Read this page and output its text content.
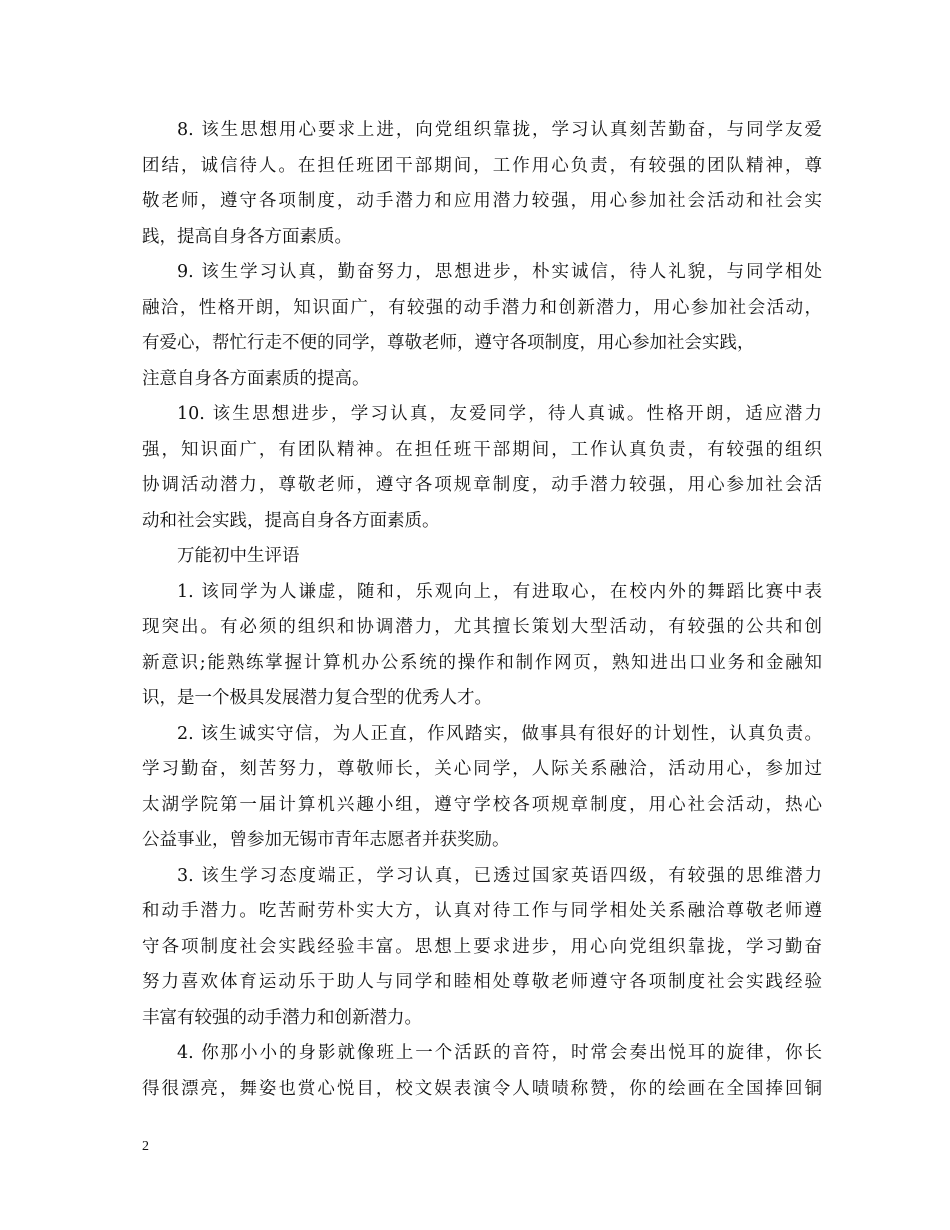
8. 该生思想用心要求上进，向党组织靠拢，学习认真刻苦勤奋，与同学友爱
团结，诚信待人。在担任班团干部期间，工作用心负责，有较强的团队精神，尊
敬老师，遵守各项制度，动手潜力和应用潜力较强，用心参加社会活动和社会实
践，提高自身各方面素质。
9. 该生学习认真，勤奋努力，思想进步，朴实诚信，待人礼貌，与同学相处
融洽，性格开朗，知识面广，有较强的动手潜力和创新潜力，用心参加社会活动，
有爱心，帮忙行走不便的同学，尊敬老师，遵守各项制度，用心参加社会实践，
注意自身各方面素质的提高。
10. 该生思想进步，学习认真，友爱同学，待人真诚。性格开朗，适应潜力
强，知识面广，有团队精神。在担任班干部期间，工作认真负责，有较强的组织
协调活动潜力，尊敬老师，遵守各项规章制度，动手潜力较强，用心参加社会活
动和社会实践，提高自身各方面素质。
万能初中生评语
1. 该同学为人谦虚，随和，乐观向上，有进取心，在校内外的舞蹈比赛中表
现突出。有必须的组织和协调潜力，尤其擅长策划大型活动，有较强的公共和创
新意识;能熟练掌握计算机办公系统的操作和制作网页，熟知进出口业务和金融知
识，是一个极具发展潜力复合型的优秀人才。
2. 该生诚实守信，为人正直，作风踏实，做事具有很好的计划性，认真负责。
学习勤奋，刻苦努力，尊敬师长，关心同学，人际关系融洽，活动用心，参加过
太湖学院第一届计算机兴趣小组，遵守学校各项规章制度，用心社会活动，热心
公益事业，曾参加无锡市青年志愿者并获奖励。
3. 该生学习态度端正，学习认真，已透过国家英语四级，有较强的思维潜力
和动手潜力。吃苦耐劳朴实大方，认真对待工作与同学相处关系融洽尊敬老师遵
守各项制度社会实践经验丰富。思想上要求进步，用心向党组织靠拢，学习勤奋
努力喜欢体育运动乐于助人与同学和睦相处尊敬老师遵守各项制度社会实践经验
丰富有较强的动手潜力和创新潜力。
4. 你那小小的身影就像班上一个活跃的音符，时常会奏出悦耳的旋律，你长
得很漂亮，舞姿也赏心悦目，校文娱表演令人啧啧称赞，你的绘画在全国捧回铜
2
